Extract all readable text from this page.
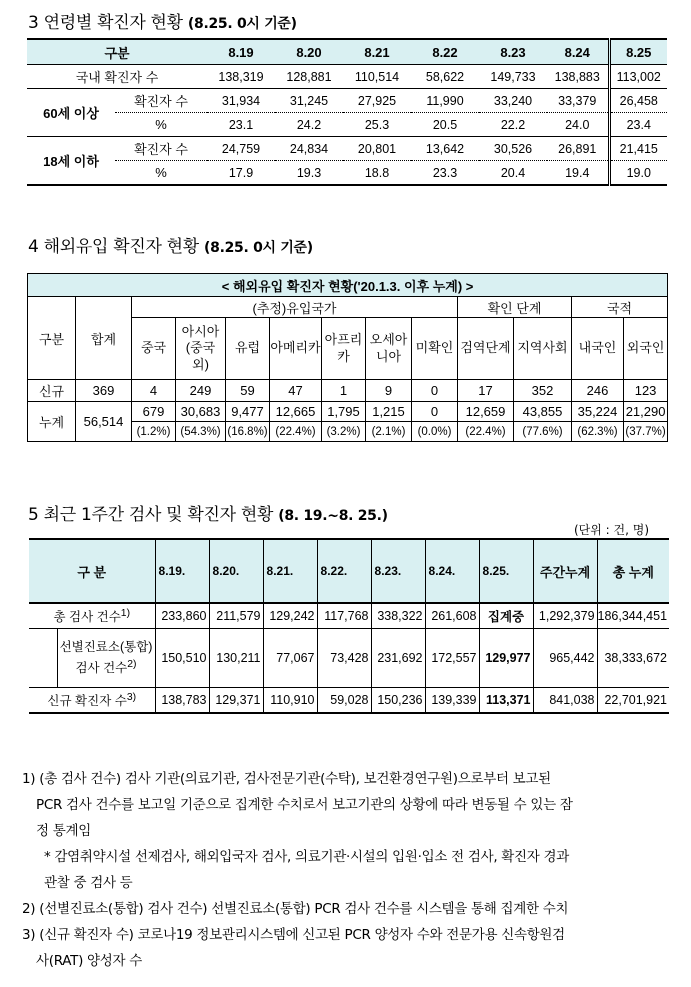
3 연령별 확진자 현황 (8.25. 0시 기준)
구분		8.19	8.20	8.21	8.22	8.23	8.24	8.25
국내 확진자 수		138,319	128,881	110,514	58,622	149,733	138,883	113,002
60세 이상	확진자 수	31,934	31,245	27,925	11,990	33,240	33,379	26,458
	%	23.1	24.2	25.3	20.5	22.2	24.0	23.4
18세 이하	확진자 수	24,759	24,834	20,801	13,642	30,526	26,891	21,415
	%	17.9	19.3	18.8	23.3	20.4	19.4	19.0
4 해외유입 확진자 현황 (8.25. 0시 기준)
< 해외유입 확진자 현황('20.1.3. 이후 누계) >												
구분	합계	(추정)유입국가							확인 단계		국적	
		중국	아시아 (중국 외)	유럽	아메리카	아프리카	오세아니아	미확인	검역단계	지역사회	내국인	외국인
신규	369	4	249	59	47	1	9	0	17	352	246	123
누계	56,514	679	30,683	9,477	12,665	1,795	1,215	0	12,659	43,855	35,224	21,290
		(1.2%)	(54.3%)	(16.8%)	(22.4%)	(3.2%)	(2.1%)	(0.0%)	(22.4%)	(77.6%)	(62.3%)	(37.7%)
5 최근 1주간 검사 및 확진자 현황 (8. 19.~8. 25.)
(단위 : 건, 명)
구 분		8.19.	8.20.	8.21.	8.22.	8.23.	8.24.	8.25.	주간누계	총 누계
총 검사 건수$^{1)}$		233,860	211,579	129,242	117,768	338,322	261,608	집계중	1,292,379	186,344,451
	선별진료소(통합) 검사 건수$^{2)}$	150,510	130,211	77,067	73,428	231,692	172,557	129,977	965,442	38,333,672
신규 확진자 수$^{3)}$		138,783	129,371	110,910	59,028	150,236	139,339	113,371	841,038	22,701,921

1) (총 검사 건수) 검사 기관(의료기관, 검사전문기관(수탁), 보건환경연구원)으로부터 보고된

PCR 검사 건수를 보고일 기준으로 집계한 수치로서 보고기관의 상황에 따라 변동될 수 있는 잠

정 통계임

* 감염취약시설 선제검사, 해외입국자 검사, 의료기관·시설의 입원·입소 전 검사, 확진자 경과

관찰 중 검사 등

2) (선별진료소(통합) 검사 건수) 선별진료소(통합) PCR 검사 건수를 시스템을 통해 집계한 수치

3) (신규 확진자 수) 코로나19 정보관리시스템에 신고된 PCR 양성자 수와 전문가용 신속항원검

사(RAT) 양성자 수
